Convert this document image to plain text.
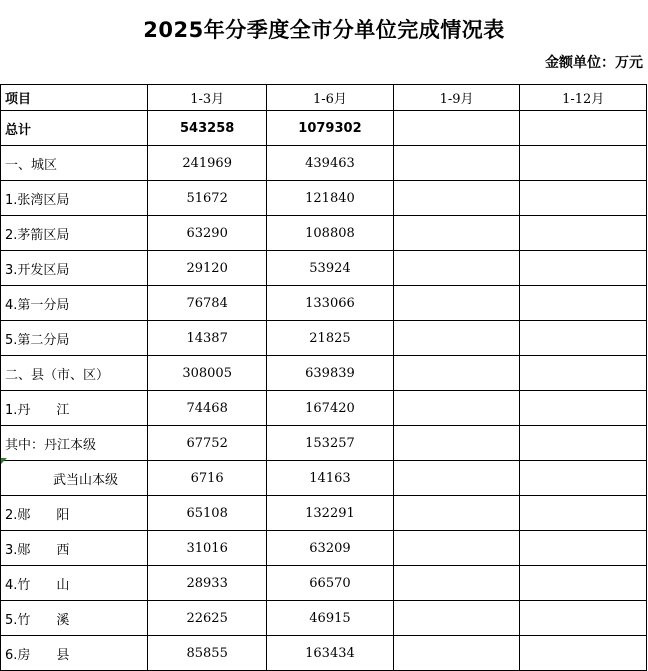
2025年分季度全市分单位完成情况表
金额单位：万元
项目	1-3月	1-6月	1-9月	1-12月
总计	543258	1079302		
一、城区	241969	439463		
1.张湾区局	51672	121840		
2.茅箭区局	63290	108808		
3.开发区局	29120	53924		
4.第一分局	76784	133066		
5.第二分局	14387	21825		
二、县（市、区）	308005	639839		
1.丹　　江	74468	167420		
其中：丹江本级	67752	153257		
武当山本级	6716	14163		
2.郧　　阳	65108	132291		
3.郧　　西	31016	63209		
4.竹　　山	28933	66570		
5.竹　　溪	22625	46915		
6.房　　县	85855	163434		
